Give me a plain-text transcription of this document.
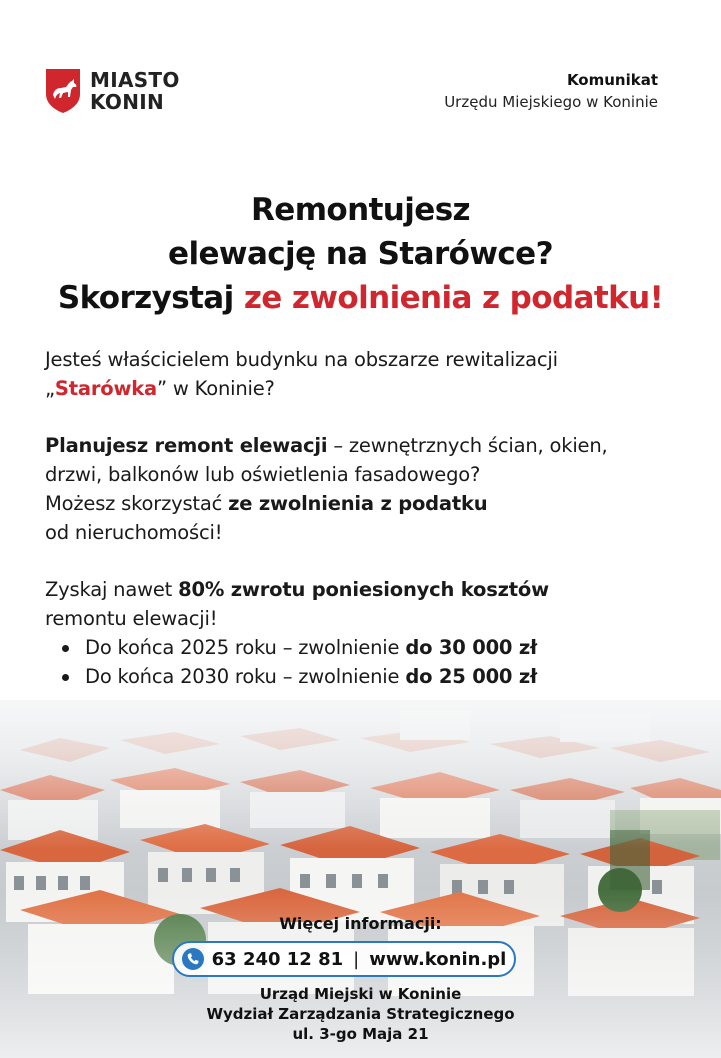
MIASTO
KONIN
Komunikat
Urzędu Miejskiego w Koninie
Remontujesz
elewację na Starówce?
Skorzystaj ze zwolnienia z podatku!

Jesteś właścicielem budynku na obszarze rewitalizacji

„Starówka” w Koninie?

Planujesz remont elewacji – zewnętrznych ścian, okien,

drzwi, balkonów lub oświetlenia fasadowego?

Możesz skorzystać ze zwolnienia z podatku

od nieruchomości!

Zyskaj nawet 80% zwrotu poniesionych kosztów

remontu elewacji!

Do końca 2025 roku – zwolnienie do 30 000 zł
Do końca 2030 roku – zwolnienie do 25 000 zł
Więcej informacji:
63 240 12 81 | www.konin.pl
Urząd Miejski w Koninie
Wydział Zarządzania Strategicznego
ul. 3-go Maja 21
